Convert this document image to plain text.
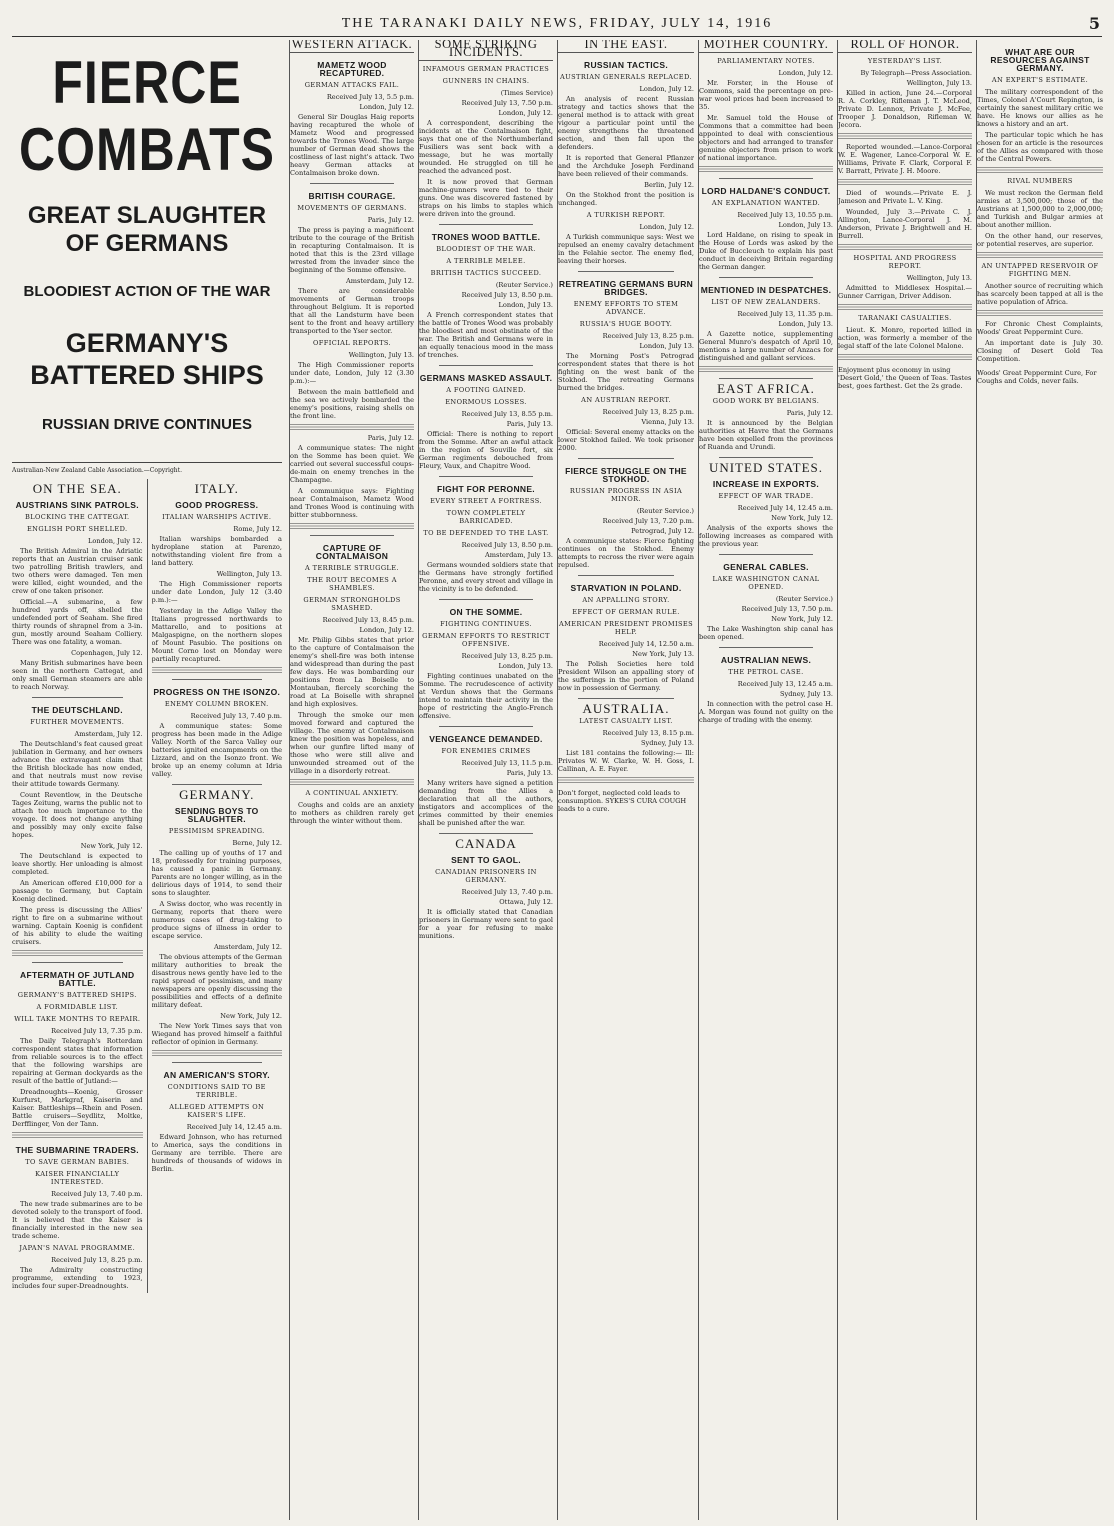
THE TARANAKI DAILY NEWS, FRIDAY, JULY 14, 1916	5
FIERCE COMBATS
GREAT SLAUGHTER OF GERMANS
BLOODIEST ACTION OF THE WAR
GERMANY'S BATTERED SHIPS
RUSSIAN DRIVE CONTINUES
Australian-New Zealand Cable Association.—Copyright.
ON THE SEA.
AUSTRIANS SINK PATROLS.
BLOCKING THE CATTEGAT.
ENGLISH PORT SHELLED.
London, July 12.

The British Admiral in the Adriatic reports that an Austrian cruiser sank two patrolling British trawlers, and two others were damaged. Ten men were killed, eight wounded, and the crew of one taken prisoner.

Official.—A submarine, a few hundred yards off, shelled the undefended port of Seaham. She fired thirty rounds of shrapnel from a 3-in. gun, mostly around Seaham Colliery. There was one fatality, a woman.

Copenhagen, July 12.

Many British submarines have been seen in the northern Cattegat, and only small German steamers are able to reach Norway.

THE DEUTSCHLAND.
FURTHER MOVEMENTS.
Amsterdam, July 12.

The Deutschland's feat caused great jubilation in Germany, and her owners advance the extravagant claim that the British blockade has now ended, and that neutrals must now revise their attitude towards Germany.

Count Reventlow, in the Deutsche Tages Zeitung, warns the public not to attach too much importance to the voyage. It does not change anything and possibly may only excite false hopes.

New York, July 12.

The Deutschland is expected to leave shortly. Her unloading is almost completed.

An American offered £10,000 for a passage to Germany, but Captain Koenig declined.

The press is discussing the Allies' right to fire on a submarine without warning. Captain Koenig is confident of his ability to elude the waiting cruisers.

AFTERMATH OF JUTLAND BATTLE.
GERMANY'S BATTERED SHIPS.
A FORMIDABLE LIST.
WILL TAKE MONTHS TO REPAIR.
Received July 13, 7.35 p.m.

The Daily Telegraph's Rotterdam correspondent states that information from reliable sources is to the effect that the following warships are repairing at German dockyards as the result of the battle of Jutland:—

Dreadnoughts—Koenig, Grosser Kurfurst, Markgraf, Kaiserin and Kaiser. Battleships—Rhein and Posen. Battle cruisers—Seydlitz, Moltke, Derfflinger, Von der Tann.

THE SUBMARINE TRADERS.
TO SAVE GERMAN BABIES.
KAISER FINANCIALLY INTERESTED.
Received July 13, 7.40 p.m.

The new trade submarines are to be devoted solely to the transport of food. It is believed that the Kaiser is financially interested in the new sea trade scheme.

JAPAN'S NAVAL PROGRAMME.
Received July 13, 8.25 p.m.

The Admiralty constructing programme, extending to 1923, includes four super-Dreadnoughts.

ITALY.
GOOD PROGRESS.
ITALIAN WARSHIPS ACTIVE.
Rome, July 12.

Italian warships bombarded a hydroplane station at Parenzo, notwithstanding violent fire from a land battery.

Wellington, July 13.

The High Commissioner reports under date London, July 12 (3.40 p.m.):—

Yesterday in the Adige Valley the Italians progressed northwards to Mattarello, and to positions at Malgaspigne, on the northern slopes of Mount Pasubio. The positions on Mount Corno lost on Monday were partially recaptured.

PROGRESS ON THE ISONZO.
ENEMY COLUMN BROKEN.
Received July 13, 7.40 p.m.

A communique states: Some progress has been made in the Adige Valley. North of the Sarca Valley our batteries ignited encampments on the Lizzard, and on the Isonzo front. We broke up an enemy column at Idria valley.

GERMANY.
SENDING BOYS TO SLAUGHTER.
PESSIMISM SPREADING.
Berne, July 12.

The calling up of youths of 17 and 18, professedly for training purposes, has caused a panic in Germany. Parents are no longer willing, as in the delirious days of 1914, to send their sons to slaughter.

A Swiss doctor, who was recently in Germany, reports that there were numerous cases of drug-taking to produce signs of illness in order to escape service.

Amsterdam, July 12.

The obvious attempts of the German military authorities to break the disastrous news gently have led to the rapid spread of pessimism, and many newspapers are openly discussing the possibilities and effects of a definite military defeat.

New York, July 12.

The New York Times says that von Wiegand has proved himself a faithful reflector of opinion in Germany.

AN AMERICAN'S STORY.
CONDITIONS SAID TO BE TERRIBLE.
ALLEGED ATTEMPTS ON KAISER'S LIFE.
Received July 14, 12.45 a.m.

Edward Johnson, who has returned to America, says the conditions in Germany are terrible. There are hundreds of thousands of widows in Berlin.

WESTERN ATTACK.
MAMETZ WOOD RECAPTURED.
GERMAN ATTACKS FAIL.
Received July 13, 5.5 p.m.
London, July 12.

General Sir Douglas Haig reports having recaptured the whole of Mametz Wood and progressed towards the Trones Wood. The large number of German dead shows the costliness of last night's attack. Two heavy German attacks at Contalmaison broke down.

BRITISH COURAGE.
MOVEMENTS OF GERMANS.
Paris, July 12.

The press is paying a magnificent tribute to the courage of the British in recapturing Contalmaison. It is noted that this is the 23rd village wrested from the invader since the beginning of the Somme offensive.

Amsterdam, July 12.

There are considerable movements of German troops throughout Belgium. It is reported that all the Landsturm have been sent to the front and heavy artillery transported to the Yser sector.

OFFICIAL REPORTS.
Wellington, July 13.

The High Commissioner reports under date, London, July 12 (3.30 p.m.):—

Between the main battlefield and the sea we actively bombarded the enemy's positions, raising shells on the front line.

Paris, July 12.

A communique states: The night on the Somme has been quiet. We carried out several successful coups-de-main on enemy trenches in the Champagne.

A communique says: Fighting near Contalmaison, Mametz Wood and Trones Wood is continuing with bitter stubbornness.

CAPTURE OF CONTALMAISON
A TERRIBLE STRUGGLE.
THE ROUT BECOMES A SHAMBLES.
GERMAN STRONGHOLDS SMASHED.
Received July 13, 8.45 p.m.
London, July 12.

Mr. Philip Gibbs states that prior to the capture of Contalmaison the enemy's shell-fire was both intense and widespread than during the past few days. He was bombarding our positions from La Boiselle to Montauban, fiercely scorching the road at La Boiselle with shrapnel and high explosives.

Through the smoke our men moved forward and captured the village. The enemy at Contalmaison knew the position was hopeless, and when our gunfire lifted many of those who were still alive and unwounded streamed out of the village in a disorderly retreat.

A CONTINUAL ANXIETY.

Coughs and colds are an anxiety to mothers as children rarely get through the winter without them.

SOME STRIKING INCIDENTS.
INFAMOUS GERMAN PRACTICES
GUNNERS IN CHAINS.
(Times Service)
Received July 13, 7.50 p.m.
London, July 12.

A correspondent, describing the incidents at the Contalmaison fight, says that one of the Northumberland Fusiliers was sent back with a message, but he was mortally wounded. He struggled on till he reached the advanced post.

It is now proved that German machine-gunners were tied to their guns. One was discovered fastened by straps on his limbs to staples which were driven into the ground.

TRONES WOOD BATTLE.
BLOODIEST OF THE WAR.
A TERRIBLE MELEE.
BRITISH TACTICS SUCCEED.
(Reuter Service.)
Received July 13, 8.50 p.m.
London, July 13.

A French correspondent states that the battle of Trones Wood was probably the bloodiest and most obstinate of the war. The British and Germans were in an equally tenacious mood in the mass of trenches.

GERMANS MASKED ASSAULT.
A FOOTING GAINED.
ENORMOUS LOSSES.
Received July 13, 8.55 p.m.
Paris, July 13.

Official: There is nothing to report from the Somme. After an awful attack in the region of Souville fort, six German regiments debouched from Fleury, Vaux, and Chapitre Wood.

FIGHT FOR PERONNE.
EVERY STREET A FORTRESS.
TOWN COMPLETELY BARRICADED.
TO BE DEFENDED TO THE LAST.
Received July 13, 8.50 p.m.
Amsterdam, July 13.

Germans wounded soldiers state that the Germans have strongly fortified Peronne, and every street and village in the vicinity is to be defended.

ON THE SOMME.
FIGHTING CONTINUES.
GERMAN EFFORTS TO RESTRICT OFFENSIVE.
Received July 13, 8.25 p.m.
London, July 13.

Fighting continues unabated on the Somme. The recrudescence of activity at Verdun shows that the Germans intend to maintain their activity in the hope of restricting the Anglo-French offensive.

VENGEANCE DEMANDED.
FOR ENEMIES CRIMES
Received July 13, 11.5 p.m.
Paris, July 13.

Many writers have signed a petition demanding from the Allies a declaration that all the authors, instigators and accomplices of the crimes committed by their enemies shall be punished after the war.

CANADA
SENT TO GAOL.
CANADIAN PRISONERS IN GERMANY.
Received July 13, 7.40 p.m.
Ottawa, July 12.

It is officially stated that Canadian prisoners in Germany were sent to gaol for a year for refusing to make munitions.

IN THE EAST.
RUSSIAN TACTICS.
AUSTRIAN GENERALS REPLACED.
London, July 12.

An analysis of recent Russian strategy and tactics shows that the general method is to attack with great vigour a particular point until the enemy strengthens the threatened section, and then fall upon the defenders.

It is reported that General Pflanzer and the Archduke Joseph Ferdinand have been relieved of their commands.

Berlin, July 12.

On the Stokhod front the position is unchanged.

A TURKISH REPORT.
London, July 12.

A Turkish communique says: West we repulsed an enemy cavalry detachment in the Felahie sector. The enemy fled, leaving their horses.

RETREATING GERMANS BURN BRIDGES.
ENEMY EFFORTS TO STEM ADVANCE.
RUSSIA'S HUGE BOOTY.
Received July 13, 8.25 p.m.
London, July 13.

The Morning Post's Petrograd correspondent states that there is hot fighting on the west bank of the Stokhod. The retreating Germans burned the bridges.

AN AUSTRIAN REPORT.
Received July 13, 8.25 p.m.
Vienna, July 13.

Official: Several enemy attacks on the lower Stokhod failed. We took prisoner 2000.

FIERCE STRUGGLE ON THE STOKHOD.
RUSSIAN PROGRESS IN ASIA MINOR.
(Reuter Service.)
Received July 13, 7.20 p.m.
Petrograd, July 12.

A communique states: Fierce fighting continues on the Stokhod. Enemy attempts to recross the river were again repulsed.

STARVATION IN POLAND.
AN APPALLING STORY.
EFFECT OF GERMAN RULE.
AMERICAN PRESIDENT PROMISES HELP.
Received July 14, 12.50 a.m.
New York, July 13.

The Polish Societies here told President Wilson an appalling story of the sufferings in the portion of Poland now in possession of Germany.

AUSTRALIA.
LATEST CASUALTY LIST.
Received July 13, 8.15 p.m.
Sydney, July 13.

List 181 contains the following:— Ill: Privates W. W. Clarke, W. H. Goss, I. Callinan, A. E. Fayer.

Don't forget, neglected cold leads to consumption. SYKES'S CURA COUGH leads to a cure.
MOTHER COUNTRY.
PARLIAMENTARY NOTES.
London, July 12.

Mr. Forster, in the House of Commons, said the percentage on pre-war wool prices had been increased to 35.

Mr. Samuel told the House of Commons that a committee had been appointed to deal with conscientious objectors and had arranged to transfer genuine objectors from prison to work of national importance.

LORD HALDANE'S CONDUCT.
AN EXPLANATION WANTED.
Received July 13, 10.55 p.m.
London, July 13.

Lord Haldane, on rising to speak in the House of Lords was asked by the Duke of Buccleuch to explain his past conduct in deceiving Britain regarding the German danger.

MENTIONED IN DESPATCHES.
LIST OF NEW ZEALANDERS.
Received July 13, 11.35 p.m.
London, July 13.

A Gazette notice, supplementing General Munro's despatch of April 10, mentions a large number of Anzacs for distinguished and gallant services.

EAST AFRICA.
GOOD WORK BY BELGIANS.
Paris, July 12.

It is announced by the Belgian authorities at Havre that the Germans have been expelled from the provinces of Ruanda and Urundi.

UNITED STATES.
INCREASE IN EXPORTS.
EFFECT OF WAR TRADE.
Received July 14, 12.45 a.m.
New York, July 12.

Analysis of the exports shows the following increases as compared with the previous year.

GENERAL CABLES.
LAKE WASHINGTON CANAL OPENED.
(Reuter Service.)
Received July 13, 7.50 p.m.
New York, July 12.

The Lake Washington ship canal has been opened.

AUSTRALIAN NEWS.
THE PETROL CASE.
Received July 13, 12.45 a.m.
Sydney, July 13.

In connection with the petrol case H. A. Morgan was found not guilty on the charge of trading with the enemy.

ROLL OF HONOR.
YESTERDAY'S LIST.
By Telegraph—Press Association.
Wellington, July 13.

Killed in action, June 24.—Corporal R. A. Corkley, Rifleman J. T. McLeod, Private D. Lennox, Private J. McFee, Trooper J. Donaldson, Rifleman W. Jecora.

Reported wounded.—Lance-Corporal W. E. Wagener, Lance-Corporal W. E. Williams, Private F. Clark, Corporal F. V. Barratt, Private J. H. Moore.

Died of wounds.—Private E. J. Jameson and Private L. V. King.

Wounded, July 3.—Private C. J. Allington, Lance-Corporal J. M. Anderson, Private J. Brightwell and H. Burrell.

HOSPITAL AND PROGRESS REPORT.
Wellington, July 13.

Admitted to Middlesex Hospital.—Gunner Carrigan, Driver Addison.

TARANAKI CASUALTIES.

Lieut. K. Monro, reported killed in action, was formerly a member of the legal staff of the late Colonel Malone.

Enjoyment plus economy in using 'Desert Gold,' the Queen of Teas. Tastes best, goes farthest. Get the 2s grade.
WHAT ARE OUR RESOURCES AGAINST GERMANY.
AN EXPERT'S ESTIMATE.

The military correspondent of the Times, Colonel A'Court Repington, is certainly the sanest military critic we have. He knows our allies as he knows a history and an art.

The particular topic which he has chosen for an article is the resources of the Allies as compared with those of the Central Powers.

RIVAL NUMBERS

We must reckon the German field armies at 3,500,000; those of the Austrians at 1,500,000 to 2,000,000; and Turkish and Bulgar armies at about another million.

On the other hand, our reserves, or potential reserves, are superior.

AN UNTAPPED RESERVOIR OF FIGHTING MEN.

Another source of recruiting which has scarcely been tapped at all is the native population of Africa.

For Chronic Chest Complaints, Woods' Great Peppermint Cure.

An important date is July 30. Closing of Desert Gold Tea Competition.

Woods' Great Peppermint Cure, For Coughs and Colds, never fails.
